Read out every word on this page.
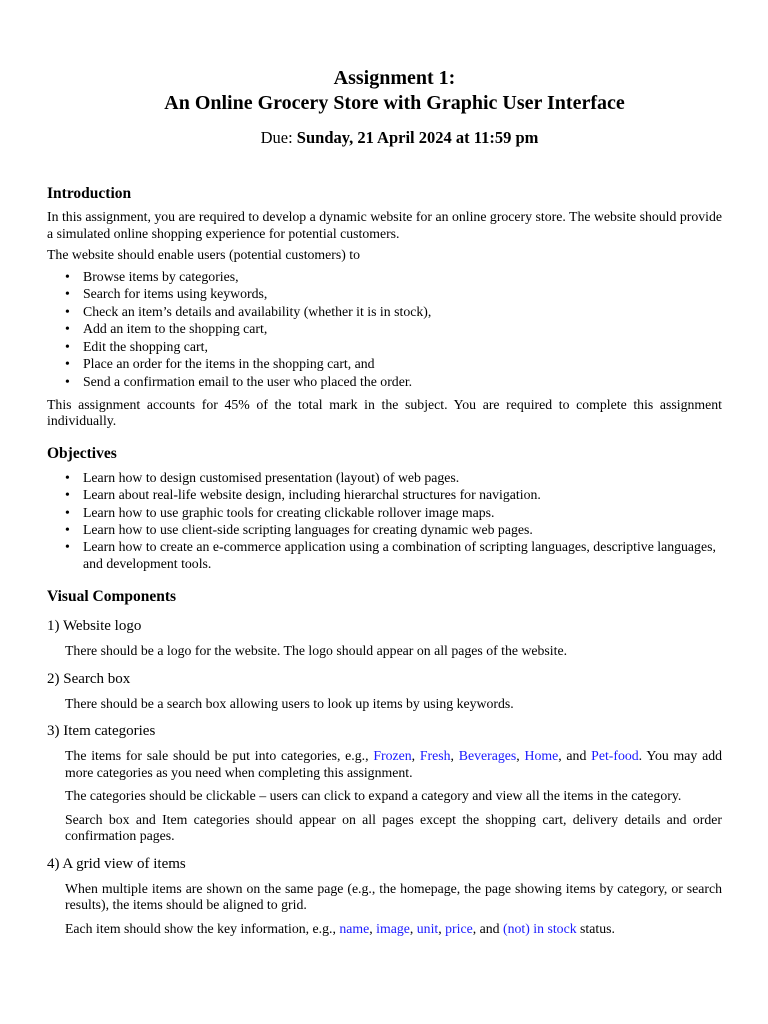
Assignment 1:
An Online Grocery Store with Graphic User Interface
Due: Sunday, 21 April 2024 at 11:59 pm
Introduction

In this assignment, you are required to develop a dynamic website for an online grocery store. The website should provide a simulated online shopping experience for potential customers.

The website should enable users (potential customers) to

• Browse items by categories,
• Search for items using keywords,
• Check an item’s details and availability (whether it is in stock),
• Add an item to the shopping cart,
• Edit the shopping cart,
• Place an order for the items in the shopping cart, and
• Send a confirmation email to the user who placed the order.

This assignment accounts for 45% of the total mark in the subject. You are required to complete this assignment individually.

Objectives
• Learn how to design customised presentation (layout) of web pages.
• Learn about real-life website design, including hierarchal structures for navigation.
• Learn how to use graphic tools for creating clickable rollover image maps.
• Learn how to use client-side scripting languages for creating dynamic web pages.
• Learn how to create an e-commerce application using a combination of scripting languages, descriptive languages, and development tools.
Visual Components
1) Website logo

There should be a logo for the website. The logo should appear on all pages of the website.

2) Search box

There should be a search box allowing users to look up items by using keywords.

3) Item categories

The items for sale should be put into categories, e.g., Frozen, Fresh, Beverages, Home, and Pet-food. You may add more categories as you need when completing this assignment.

The categories should be clickable – users can click to expand a category and view all the items in the category.

Search box and Item categories should appear on all pages except the shopping cart, delivery details and order confirmation pages.

4) A grid view of items

When multiple items are shown on the same page (e.g., the homepage, the page showing items by category, or search results), the items should be aligned to grid.

Each item should show the key information, e.g., name, image, unit, price, and (not) in stock status.
